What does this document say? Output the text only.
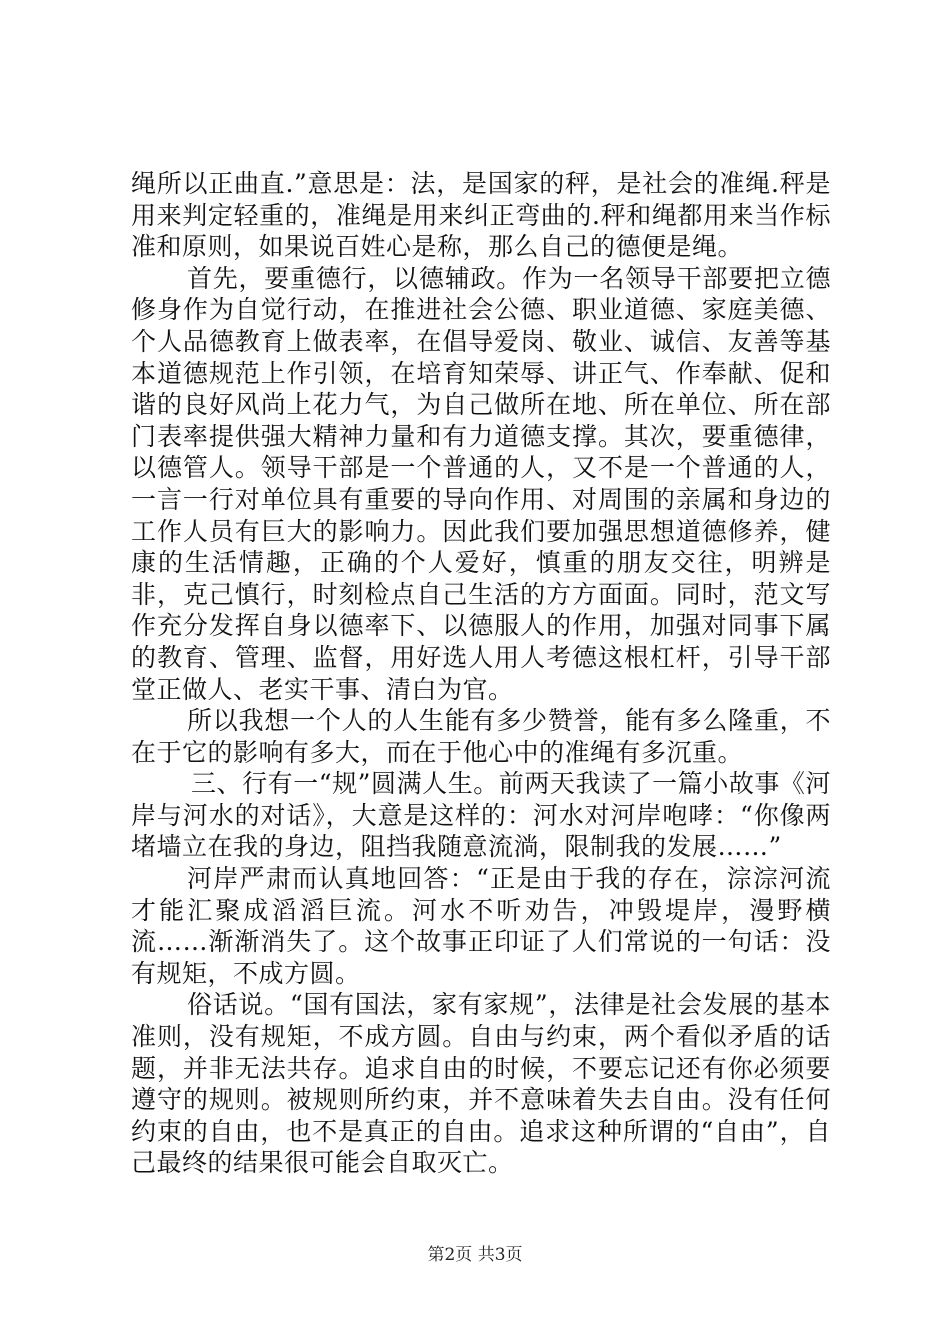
绳所以正曲直.”意思是：法，是国家的秤，是社会的准绳.秤是用来判定轻重的，准绳是用来纠正弯曲的.秤和绳都用来当作标准和原则，如果说百姓心是称，那么自己的德便是绳。

首先，要重德行，以德辅政。作为一名领导干部要把立德修身作为自觉行动，在推进社会公德、职业道德、家庭美德、个人品德教育上做表率，在倡导爱岗、敬业、诚信、友善等基本道德规范上作引领，在培育知荣辱、讲正气、作奉献、促和谐的良好风尚上花力气，为自己做所在地、所在单位、所在部门表率提供强大精神力量和有力道德支撑。其次，要重德律，以德管人。领导干部是一个普通的人，又不是一个普通的人，一言一行对单位具有重要的导向作用、对周围的亲属和身边的工作人员有巨大的影响力。因此我们要加强思想道德修养，健康的生活情趣，正确的个人爱好，慎重的朋友交往，明辨是非，克己慎行，时刻检点自己生活的方方面面。同时，范文写作充分发挥自身以德率下、以德服人的作用，加强对同事下属的教育、管理、监督，用好选人用人考德这根杠杆，引导干部堂正做人、老实干事、清白为官。

所以我想一个人的人生能有多少赞誉，能有多么隆重，不在于它的影响有多大，而在于他心中的准绳有多沉重。

三、行有一“规”圆满人生。前两天我读了一篇小故事《河岸与河水的对话》，大意是这样的：河水对河岸咆哮：“你像两堵墙立在我的身边，阻挡我随意流淌，限制我的发展……”

河岸严肃而认真地回答：“正是由于我的存在，淙淙河流才能汇聚成滔滔巨流。河水不听劝告，冲毁堤岸，漫野横流……渐渐消失了。这个故事正印证了人们常说的一句话：没有规矩，不成方圆。

俗话说。“国有国法，家有家规”，法律是社会发展的基本准则，没有规矩，不成方圆。自由与约束，两个看似矛盾的话题，并非无法共存。追求自由的时候，不要忘记还有你必须要遵守的规则。被规则所约束，并不意味着失去自由。没有任何约束的自由，也不是真正的自由。追求这种所谓的“自由”，自己最终的结果很可能会自取灭亡。

第2页 共3页
